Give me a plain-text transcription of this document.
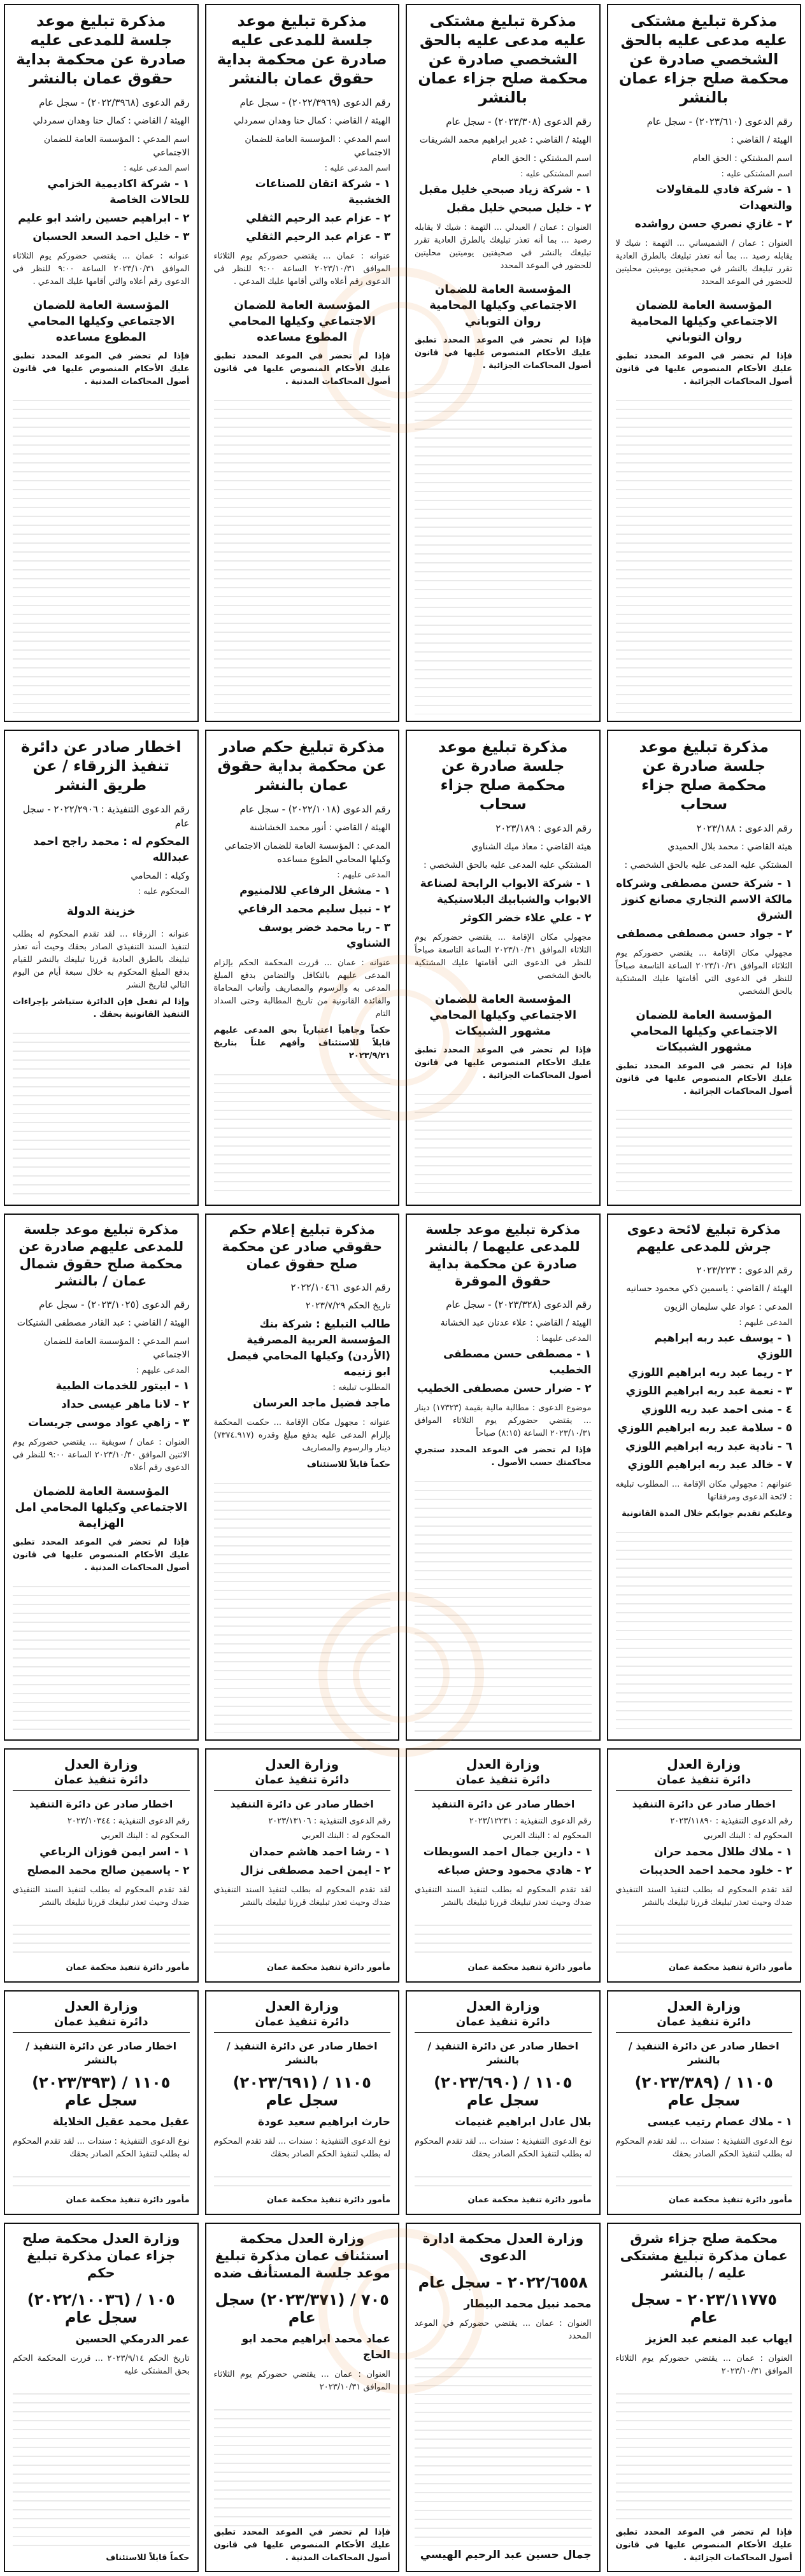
مذكرة تبليغ مشتكى عليه مدعى عليه بالحق الشخصي صادرة عن محكمة صلح جزاء عمان بالنشر
رقم الدعوى (٢٠٢٣/٦١٠) - سجل عام
الهيئة / القاضي :
اسم المشتكي : الحق العام
اسم المشتكى عليه :
١ - شركة فادي للمقاولات والتعهدات
٢ - غازي نصري حسن رواشده
العنوان : عمان / الشميساني ... التهمة : شيك لا يقابله رصيد ... بما أنه تعذر تبليغك بالطرق العادية تقرر تبليغك بالنشر في صحيفتين يوميتين محليتين للحضور في الموعد المحدد
المؤسسة العامة للضمان الاجتماعي وكيلها المحامية روان التوباني
فإذا لم تحضر في الموعد المحدد تطبق عليك الأحكام المنصوص عليها في قانون أصول المحاكمات الجزائية .
مذكرة تبليغ مشتكى عليه مدعى عليه بالحق الشخصي صادرة عن محكمة صلح جزاء عمان بالنشر
رقم الدعوى (٢٠٢٣/٣٠٨) - سجل عام
الهيئة / القاضي : غدير ابراهيم محمد الشريفات
اسم المشتكي : الحق العام
اسم المشتكى عليه :
١ - شركة زياد صبحي خليل مقبل
٢ - خليل صبحي خليل مقبل
العنوان : عمان / العبدلي ... التهمة : شيك لا يقابله رصيد ... بما أنه تعذر تبليغك بالطرق العادية تقرر تبليغك بالنشر في صحيفتين يوميتين محليتين للحضور في الموعد المحدد
المؤسسة العامة للضمان الاجتماعي وكيلها المحامية روان التوباني
فإذا لم تحضر في الموعد المحدد تطبق عليك الأحكام المنصوص عليها في قانون أصول المحاكمات الجزائية .
مذكرة تبليغ موعد جلسة للمدعى عليه صادرة عن محكمة بداية حقوق عمان بالنشر
رقم الدعوى (٢٠٢٢/٣٩٦٩) - سجل عام
الهيئة / القاضي : كمال حنا وهدان سمردلي
اسم المدعي : المؤسسة العامة للضمان الاجتماعي
اسم المدعى عليه :
١ - شركة اتقان للصناعات الخشبية
٢ - عزام عبد الرحيم الثقلي
٣ - عزام عبد الرحيم الثقلي
عنوانه : عمان ... يقتضي حضوركم يوم الثلاثاء الموافق ٢٠٢٣/١٠/٣١ الساعة ٩:٠٠ للنظر في الدعوى رقم أعلاه والتي أقامها عليك المدعي .
المؤسسة العامة للضمان الاجتماعي وكيلها المحامي المطوع مساعده
فإذا لم تحضر في الموعد المحدد تطبق عليك الأحكام المنصوص عليها في قانون أصول المحاكمات المدنية .
مذكرة تبليغ موعد جلسة للمدعى عليه صادرة عن محكمة بداية حقوق عمان بالنشر
رقم الدعوى (٢٠٢٢/٣٩٦٨) - سجل عام
الهيئة / القاضي : كمال حنا وهدان سمردلي
اسم المدعي : المؤسسة العامة للضمان الاجتماعي
اسم المدعى عليه :
١ - شركة اكاديمية الخزامي للحالات الخاصة
٢ - ابراهيم حسين راشد ابو عليم
٣ - خليل احمد السعد الحسبان
عنوانه : عمان ... يقتضي حضوركم يوم الثلاثاء الموافق ٢٠٢٣/١٠/٣١ الساعة ٩:٠٠ للنظر في الدعوى رقم أعلاه والتي أقامها عليك المدعي .
المؤسسة العامة للضمان الاجتماعي وكيلها المحامي المطوع مساعده
فإذا لم تحضر في الموعد المحدد تطبق عليك الأحكام المنصوص عليها في قانون أصول المحاكمات المدنية .
مذكرة تبليغ موعد جلسة صادرة عن محكمة صلح جزاء سحاب
رقم الدعوى : ٢٠٢٣/١٨٨
هيئة القاضي : محمد بلال الحميدي
المشتكي عليه المدعى عليه بالحق الشخصي :
١ - شركة حسن مصطفى وشركاه مالكة الاسم التجاري مصانع كنوز الشرق
٢ - جواد حسن مصطفى مصطفى
مجهولي مكان الإقامة ... يقتضي حضوركم يوم الثلاثاء الموافق ٢٠٢٣/١٠/٣١ الساعة التاسعة صباحاً للنظر في الدعوى التي أقامتها عليك المشتكية بالحق الشخصي
المؤسسة العامة للضمان الاجتماعي وكيلها المحامي مشهور الشبيكات
فإذا لم تحضر في الموعد المحدد تطبق عليك الأحكام المنصوص عليها في قانون أصول المحاكمات الجزائية .
مذكرة تبليغ موعد جلسة صادرة عن محكمة صلح جزاء سحاب
رقم الدعوى : ٢٠٢٣/١٨٩
هيئة القاضي : معاذ ميك الشناوي
المشتكي عليه المدعى عليه بالحق الشخصي :
١ - شركة الابواب الرابحة لصناعة الابواب والشبابيك البلاستيكية
٢ - علي علاء خضر الكوثر
مجهولي مكان الإقامة ... يقتضي حضوركم يوم الثلاثاء الموافق ٢٠٢٣/١٠/٣١ الساعة التاسعة صباحاً للنظر في الدعوى التي أقامتها عليك المشتكية بالحق الشخصي
المؤسسة العامة للضمان الاجتماعي وكيلها المحامي مشهور الشبيكات
فإذا لم تحضر في الموعد المحدد تطبق عليك الأحكام المنصوص عليها في قانون أصول المحاكمات الجزائية .
مذكرة تبليغ حكم صادر عن محكمة بداية حقوق عمان بالنشر
رقم الدعوى (٢٠٢٢/١٠١٨) - سجل عام
الهيئة / القاضي : أنور محمد الخشاشنة
المدعي : المؤسسة العامة للضمان الاجتماعي وكيلها المحامي الطوع مساعده
المدعى عليهم :
١ - مشغل الرفاعي للالمنيوم
٢ - نبيل سليم محمد الرفاعي
٣ - ربا محمد خضر يوسف الشناوي
عنوانه : عمان ... قررت المحكمة الحكم بإلزام المدعى عليهم بالتكافل والتضامن بدفع المبلغ المدعى به والرسوم والمصاريف وأتعاب المحاماة والفائدة القانونية من تاريخ المطالبة وحتى السداد التام
حكماً وجاهياً اعتبارياً بحق المدعى عليهم قابلاً للاستئناف وأفهم علناً بتاريخ ٢٠٢٣/٩/٢١
اخطار صادر عن دائرة تنفيذ الزرقاء / عن طريق النشر
رقم الدعوى التنفيذية : ٢٠٢٢/٢٩٠٦ - سجل عام
المحكوم له : محمد راجح احمد عبدالله
وكيله : المحامي
المحكوم عليه :
خزينة الدولة
عنوانه : الزرقاء ... لقد تقدم المحكوم له بطلب لتنفيذ السند التنفيذي الصادر بحقك وحيث أنه تعذر تبليغك بالطرق العادية قررنا تبليغك بالنشر للقيام بدفع المبلغ المحكوم به خلال سبعة أيام من اليوم التالي لتاريخ النشر
وإذا لم تفعل فإن الدائرة ستباشر بإجراءات التنفيذ القانونية بحقك .
مذكرة تبليغ لائحة دعوى جرش للمدعى عليهم
رقم الدعوى : ٢٠٢٣/٢٢٣
الهيئة / القاضي : ياسمين ذكي محمود حسانيه
المدعي : عواد علي سليمان الزيون
المدعى عليهم :
١ - يوسف عبد ربه ابراهيم اللوزي
٢ - ريما عبد ربه ابراهيم اللوزي
٣ - نعمة عبد ربه ابراهيم اللوزي
٤ - منى احمد عبد ربه اللوزي
٥ - سلامة عبد ربه ابراهيم اللوزي
٦ - نادية عبد ربه ابراهيم اللوزي
٧ - خالد عبد ربه ابراهيم اللوزي
عنوانهم : مجهولي مكان الإقامة ... المطلوب تبليغه : لائحة الدعوى ومرفقاتها
وعليكم تقديم جوابكم خلال المدة القانونية
مذكرة تبليغ موعد جلسة للمدعى عليهما / بالنشر صادرة عن محكمة بداية حقوق الموقرة
رقم الدعوى (٢٠٢٣/٣٢٨) - سجل عام
الهيئة / القاضي : علاء عدنان عبد الخشانة
المدعى عليهما :
١ - مصطفى حسن مصطفى الخطيب
٢ - ضرار حسن مصطفى الخطيب
موضوع الدعوى : مطالبة مالية بقيمة (١٧٣٢٣) دينار ... يقتضي حضوركم يوم الثلاثاء الموافق ٢٠٢٣/١٠/٣١ الساعة (٨:١٥) صباحاً
فإذا لم تحضر في الموعد المحدد ستجري محاكمتك حسب الأصول .
مذكرة تبليغ إعلام حكم حقوقي صادر عن محكمة صلح حقوق عمان
رقم الدعوى ٢٠٢٢/١٠٤٦١
تاريخ الحكم ٢٠٢٣/٧/٢٩
طالب التبليغ : شركة بنك المؤسسة العربية المصرفية (الأردن) وكيلها المحامي فيصل ابو زنيمه
المطلوب تبليغه :
ماجد فضيل ماجد العرسان
عنوانه : مجهول مكان الإقامة ... حكمت المحكمة بإلزام المدعى عليه بدفع مبلغ وقدره (٧٣٧٤.٩١٧) دينار والرسوم والمصاريف
حكماً قابلاً للاستئناف
مذكرة تبليغ موعد جلسة للمدعى عليهم صادرة عن محكمة صلح حقوق شمال عمان / بالنشر
رقم الدعوى (٢٠٢٣/١٠٢٥) - سجل عام
الهيئة / القاضي : عبد القادر مصطفى الشنيكات
اسم المدعي : المؤسسة العامة للضمان الاجتماعي
المدعى عليهم :
١ - ابيتور للخدمات الطبية
٢ - لانا ماهر عيسى حداد
٣ - زاهي عواد موسى جريسات
العنوان : عمان / سويفية ... يقتضي حضوركم يوم الاثنين الموافق ٢٠٢٣/١٠/٣٠ الساعة ٩:٠٠ للنظر في الدعوى رقم أعلاه
المؤسسة العامة للضمان الاجتماعي وكيلها المحامي امل الهزايمة
فإذا لم تحضر في الموعد المحدد تطبق عليك الأحكام المنصوص عليها في قانون أصول المحاكمات المدنية .
وزارة العدل
دائرة تنفيذ عمان
اخطار صادر عن دائرة التنفيذ
رقم الدعوى التنفيذية : ٢٠٢٣/١١٨٩٠
المحكوم له : البنك العربي
١ - ملاك طلال محمد حران
٢ - خلود محمد احمد الحديبات
لقد تقدم المحكوم له بطلب لتنفيذ السند التنفيذي ضدك وحيث تعذر تبليغك قررنا تبليغك بالنشر
مأمور دائرة تنفيذ محكمة عمان
وزارة العدل
دائرة تنفيذ عمان
اخطار صادر عن دائرة التنفيذ
رقم الدعوى التنفيذية : ٢٠٢٣/١٢٢٣١
المحكوم له : البنك العربي
١ - دارين جمال احمد السويطات
٢ - هادي محمود وحش صباغه
لقد تقدم المحكوم له بطلب لتنفيذ السند التنفيذي ضدك وحيث تعذر تبليغك قررنا تبليغك بالنشر
مأمور دائرة تنفيذ محكمة عمان
وزارة العدل
دائرة تنفيذ عمان
اخطار صادر عن دائرة التنفيذ
رقم الدعوى التنفيذية : ٢٠٢٣/١٣١٠٦
المحكوم له : البنك العربي
١ - رشا احمد هاشم حمدان
٢ - ايمن احمد مصطفى نزال
لقد تقدم المحكوم له بطلب لتنفيذ السند التنفيذي ضدك وحيث تعذر تبليغك قررنا تبليغك بالنشر
مأمور دائرة تنفيذ محكمة عمان
وزارة العدل
دائرة تنفيذ عمان
اخطار صادر عن دائرة التنفيذ
رقم الدعوى التنفيذية : ٢٠٢٣/١٠٣٤٤
المحكوم له : البنك العربي
١ - اسر ايمن فوزان الرباعي
٢ - ياسمين صالح محمد المصلح
لقد تقدم المحكوم له بطلب لتنفيذ السند التنفيذي ضدك وحيث تعذر تبليغك قررنا تبليغك بالنشر
مأمور دائرة تنفيذ محكمة عمان
وزارة العدل
دائرة تنفيذ عمان
اخطار صادر عن دائرة التنفيذ / بالنشر
١١٠٥ / (٢٠٢٣/٣٨٩) سجل عام
١ - ملاك عصام رتيب عيسى
نوع الدعوى التنفيذية : سندات ... لقد تقدم المحكوم له بطلب لتنفيذ الحكم الصادر بحقك
مأمور دائرة تنفيذ محكمة عمان
وزارة العدل
دائرة تنفيذ عمان
اخطار صادر عن دائرة التنفيذ / بالنشر
١١٠٥ / (٢٠٢٣/٦٩٠) سجل عام
بلال عادل ابراهيم غنيمات
نوع الدعوى التنفيذية : سندات ... لقد تقدم المحكوم له بطلب لتنفيذ الحكم الصادر بحقك
مأمور دائرة تنفيذ محكمة عمان
وزارة العدل
دائرة تنفيذ عمان
اخطار صادر عن دائرة التنفيذ / بالنشر
١١٠٥ / (٢٠٢٣/٦٩١) سجل عام
حارث ابراهيم سعيد عودة
نوع الدعوى التنفيذية : سندات ... لقد تقدم المحكوم له بطلب لتنفيذ الحكم الصادر بحقك
مأمور دائرة تنفيذ محكمة عمان
وزارة العدل
دائرة تنفيذ عمان
اخطار صادر عن دائرة التنفيذ / بالنشر
١١٠٥ / (٢٠٢٣/٣٩٣) سجل عام
عقيل محمد عقيل الخلايلة
نوع الدعوى التنفيذية : سندات ... لقد تقدم المحكوم له بطلب لتنفيذ الحكم الصادر بحقك
مأمور دائرة تنفيذ محكمة عمان
محكمة صلح جزاء شرق عمان مذكرة تبليغ مشتكى عليه / بالنشر
٢٠٢٣/١١٧٧٥ - سجل عام
ايهاب عبد المنعم عبد العزيز
العنوان : عمان ... يقتضي حضوركم يوم الثلاثاء الموافق ٢٠٢٣/١٠/٣١
فإذا لم تحضر في الموعد المحدد تطبق عليك الأحكام المنصوص عليها في قانون أصول المحاكمات الجزائية .
وزارة العدل محكمة ادارة الدعوى
٢٠٢٢/٦٥٥٨ - سجل عام
محمد نبيل محمد البيطار
العنوان : عمان ... يقتضي حضوركم في الموعد المحدد
جمال حسين عبد الرحيم الهيسي
وزارة العدل محكمة استئناف عمان مذكرة تبليغ موعد جلسة المستأنف ضده
٧٠٥ / (٢٠٢٣/٣٧١) سجل عام
عماد محمد ابراهيم محمد ابو الحاج
العنوان : عمان ... يقتضي حضوركم يوم الثلاثاء الموافق ٢٠٢٣/١٠/٣١
فإذا لم تحضر في الموعد المحدد تطبق عليك الأحكام المنصوص عليها في قانون أصول المحاكمات المدنية .
وزارة العدل محكمة صلح جزاء عمان مذكرة تبليغ حكم
١٠٥ / (٢٠٢٢/١٠٠٣٦) سجل عام
عمر الدرمكي الحسين
تاريخ الحكم ٢٠٢٣/٩/١٤ ... قررت المحكمة الحكم بحق المشتكى عليه
حكماً قابلاً للاستئناف
